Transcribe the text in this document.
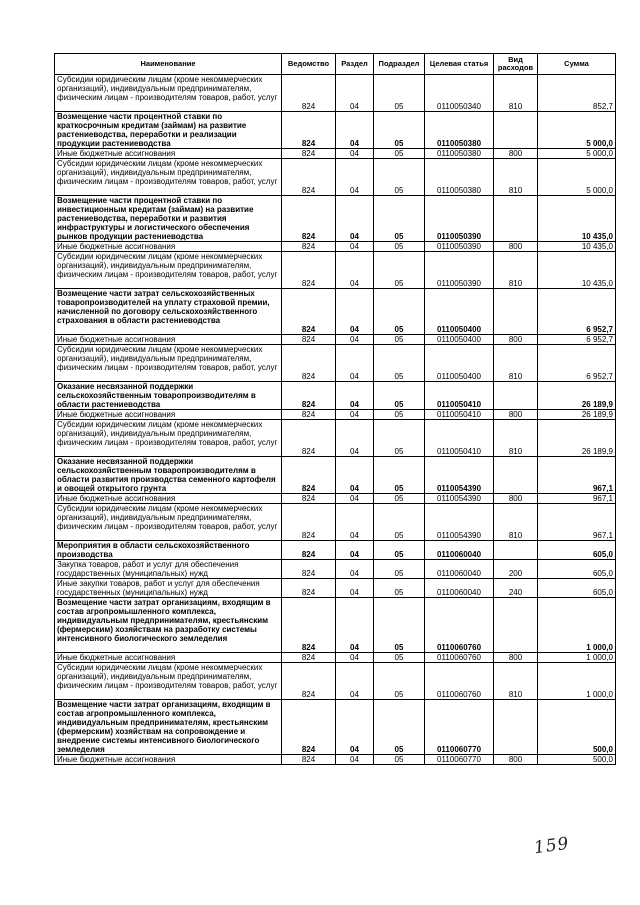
Наименование	Ведомство	Раздел	Подраздел	Целевая статья	Вид расходов	Сумма
Субсидии юридическим лицам (кроме некоммерческих организаций), индивидуальным предпринимателям, физическим лицам - производителям товаров, работ, услуг	824	04	05	0110050340	810	852,7
Возмещение части процентной ставки по краткосрочным кредитам (займам) на развитие растениеводства, переработки и реализации продукции растениеводства	824	04	05	0110050380		5 000,0
Иные бюджетные ассигнования	824	04	05	0110050380	800	5 000,0
Субсидии юридическим лицам (кроме некоммерческих организаций), индивидуальным предпринимателям, физическим лицам - производителям товаров, работ, услуг	824	04	05	0110050380	810	5 000,0
Возмещение части процентной ставки по инвестиционным кредитам (займам) на развитие растениеводства, переработки и развития инфраструктуры и логистического обеспечения рынков продукции растениеводства	824	04	05	0110050390		10 435,0
Иные бюджетные ассигнования	824	04	05	0110050390	800	10 435,0
Субсидии юридическим лицам (кроме некоммерческих организаций), индивидуальным предпринимателям, физическим лицам - производителям товаров, работ, услуг	824	04	05	0110050390	810	10 435,0
Возмещение части затрат сельскохозяйственных товаропроизводителей на уплату страховой премии, начисленной по договору сельскохозяйственного страхования в области растениеводства	824	04	05	0110050400		6 952,7
Иные бюджетные ассигнования	824	04	05	0110050400	800	6 952,7
Субсидии юридическим лицам (кроме некоммерческих организаций), индивидуальным предпринимателям, физическим лицам - производителям товаров, работ, услуг	824	04	05	0110050400	810	6 952,7
Оказание несвязанной поддержки сельскохозяйственным товаропроизводителям в области растениеводства	824	04	05	0110050410		26 189,9
Иные бюджетные ассигнования	824	04	05	0110050410	800	26 189,9
Субсидии юридическим лицам (кроме некоммерческих организаций), индивидуальным предпринимателям, физическим лицам - производителям товаров, работ, услуг	824	04	05	0110050410	810	26 189,9
Оказание несвязанной поддержки сельскохозяйственным товаропроизводителям в области развития производства семенного картофеля и овощей открытого грунта	824	04	05	0110054390		967,1
Иные бюджетные ассигнования	824	04	05	0110054390	800	967,1
Субсидии юридическим лицам (кроме некоммерческих организаций), индивидуальным предпринимателям, физическим лицам - производителям товаров, работ, услуг	824	04	05	0110054390	810	967,1
Мероприятия в области сельскохозяйственного производства	824	04	05	0110060040		605,0
Закупка товаров, работ и услуг для обеспечения государственных (муниципальных) нужд	824	04	05	0110060040	200	605,0
Иные закупки товаров, работ и услуг для обеспечения государственных (муниципальных) нужд	824	04	05	0110060040	240	605,0
Возмещение части затрат организациям, входящим в состав агропромышленного комплекса, индивидуальным предпринимателям, крестьянским (фермерским) хозяйствам на разработку системы интенсивного биологического земледелия	824	04	05	0110060760		1 000,0
Иные бюджетные ассигнования	824	04	05	0110060760	800	1 000,0
Субсидии юридическим лицам (кроме некоммерческих организаций), индивидуальным предпринимателям, физическим лицам - производителям товаров, работ, услуг	824	04	05	0110060760	810	1 000,0
Возмещение части затрат организациям, входящим в состав агропромышленного комплекса, индивидуальным предпринимателям, крестьянским (фермерским) хозяйствам на сопровождение и внедрение системы интенсивного биологического земледелия	824	04	05	0110060770		500,0
Иные бюджетные ассигнования	824	04	05	0110060770	800	500,0
159
